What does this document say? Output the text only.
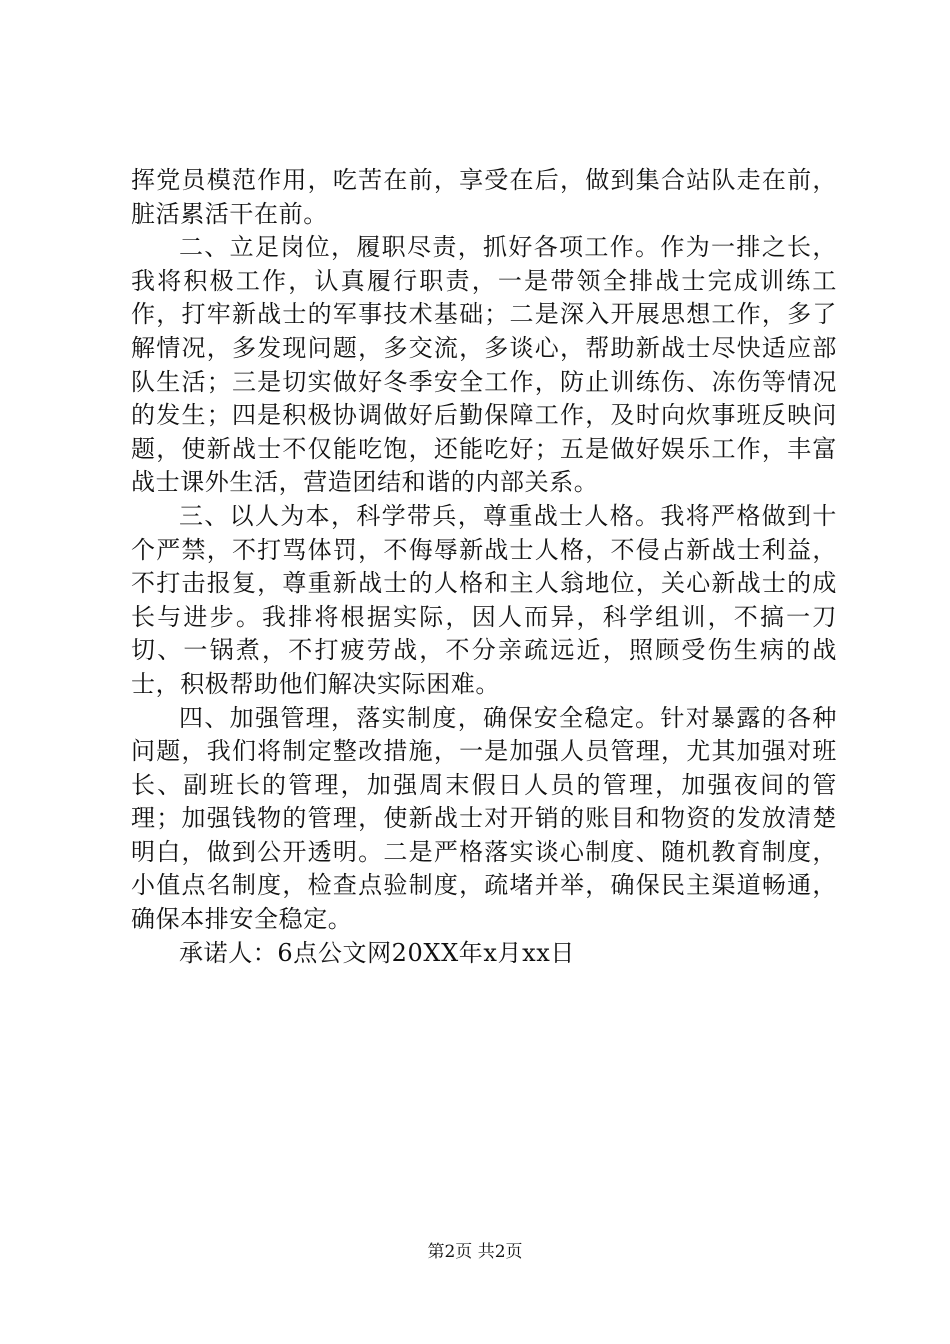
挥党员模范作用，吃苦在前，享受在后，做到集合站队走在前，脏活累活干在前。

二、立足岗位，履职尽责，抓好各项工作。作为一排之长，我将积极工作，认真履行职责，一是带领全排战士完成训练工作，打牢新战士的军事技术基础；二是深入开展思想工作，多了解情况，多发现问题，多交流，多谈心，帮助新战士尽快适应部队生活；三是切实做好冬季安全工作，防止训练伤、冻伤等情况的发生；四是积极协调做好后勤保障工作，及时向炊事班反映问题，使新战士不仅能吃饱，还能吃好；五是做好娱乐工作，丰富战士课外生活，营造团结和谐的内部关系。

三、以人为本，科学带兵，尊重战士人格。我将严格做到十个严禁，不打骂体罚，不侮辱新战士人格，不侵占新战士利益，不打击报复，尊重新战士的人格和主人翁地位，关心新战士的成长与进步。我排将根据实际，因人而异，科学组训，不搞一刀切、一锅煮，不打疲劳战，不分亲疏远近，照顾受伤生病的战士，积极帮助他们解决实际困难。

四、加强管理，落实制度，确保安全稳定。针对暴露的各种问题，我们将制定整改措施，一是加强人员管理，尤其加强对班长、副班长的管理，加强周末假日人员的管理，加强夜间的管理；加强钱物的管理，使新战士对开销的账目和物资的发放清楚明白，做到公开透明。二是严格落实谈心制度、随机教育制度，小值点名制度，检查点验制度，疏堵并举，确保民主渠道畅通，确保本排安全稳定。

承诺人：6点公文网20XX年x月xx日

第2页 共2页
